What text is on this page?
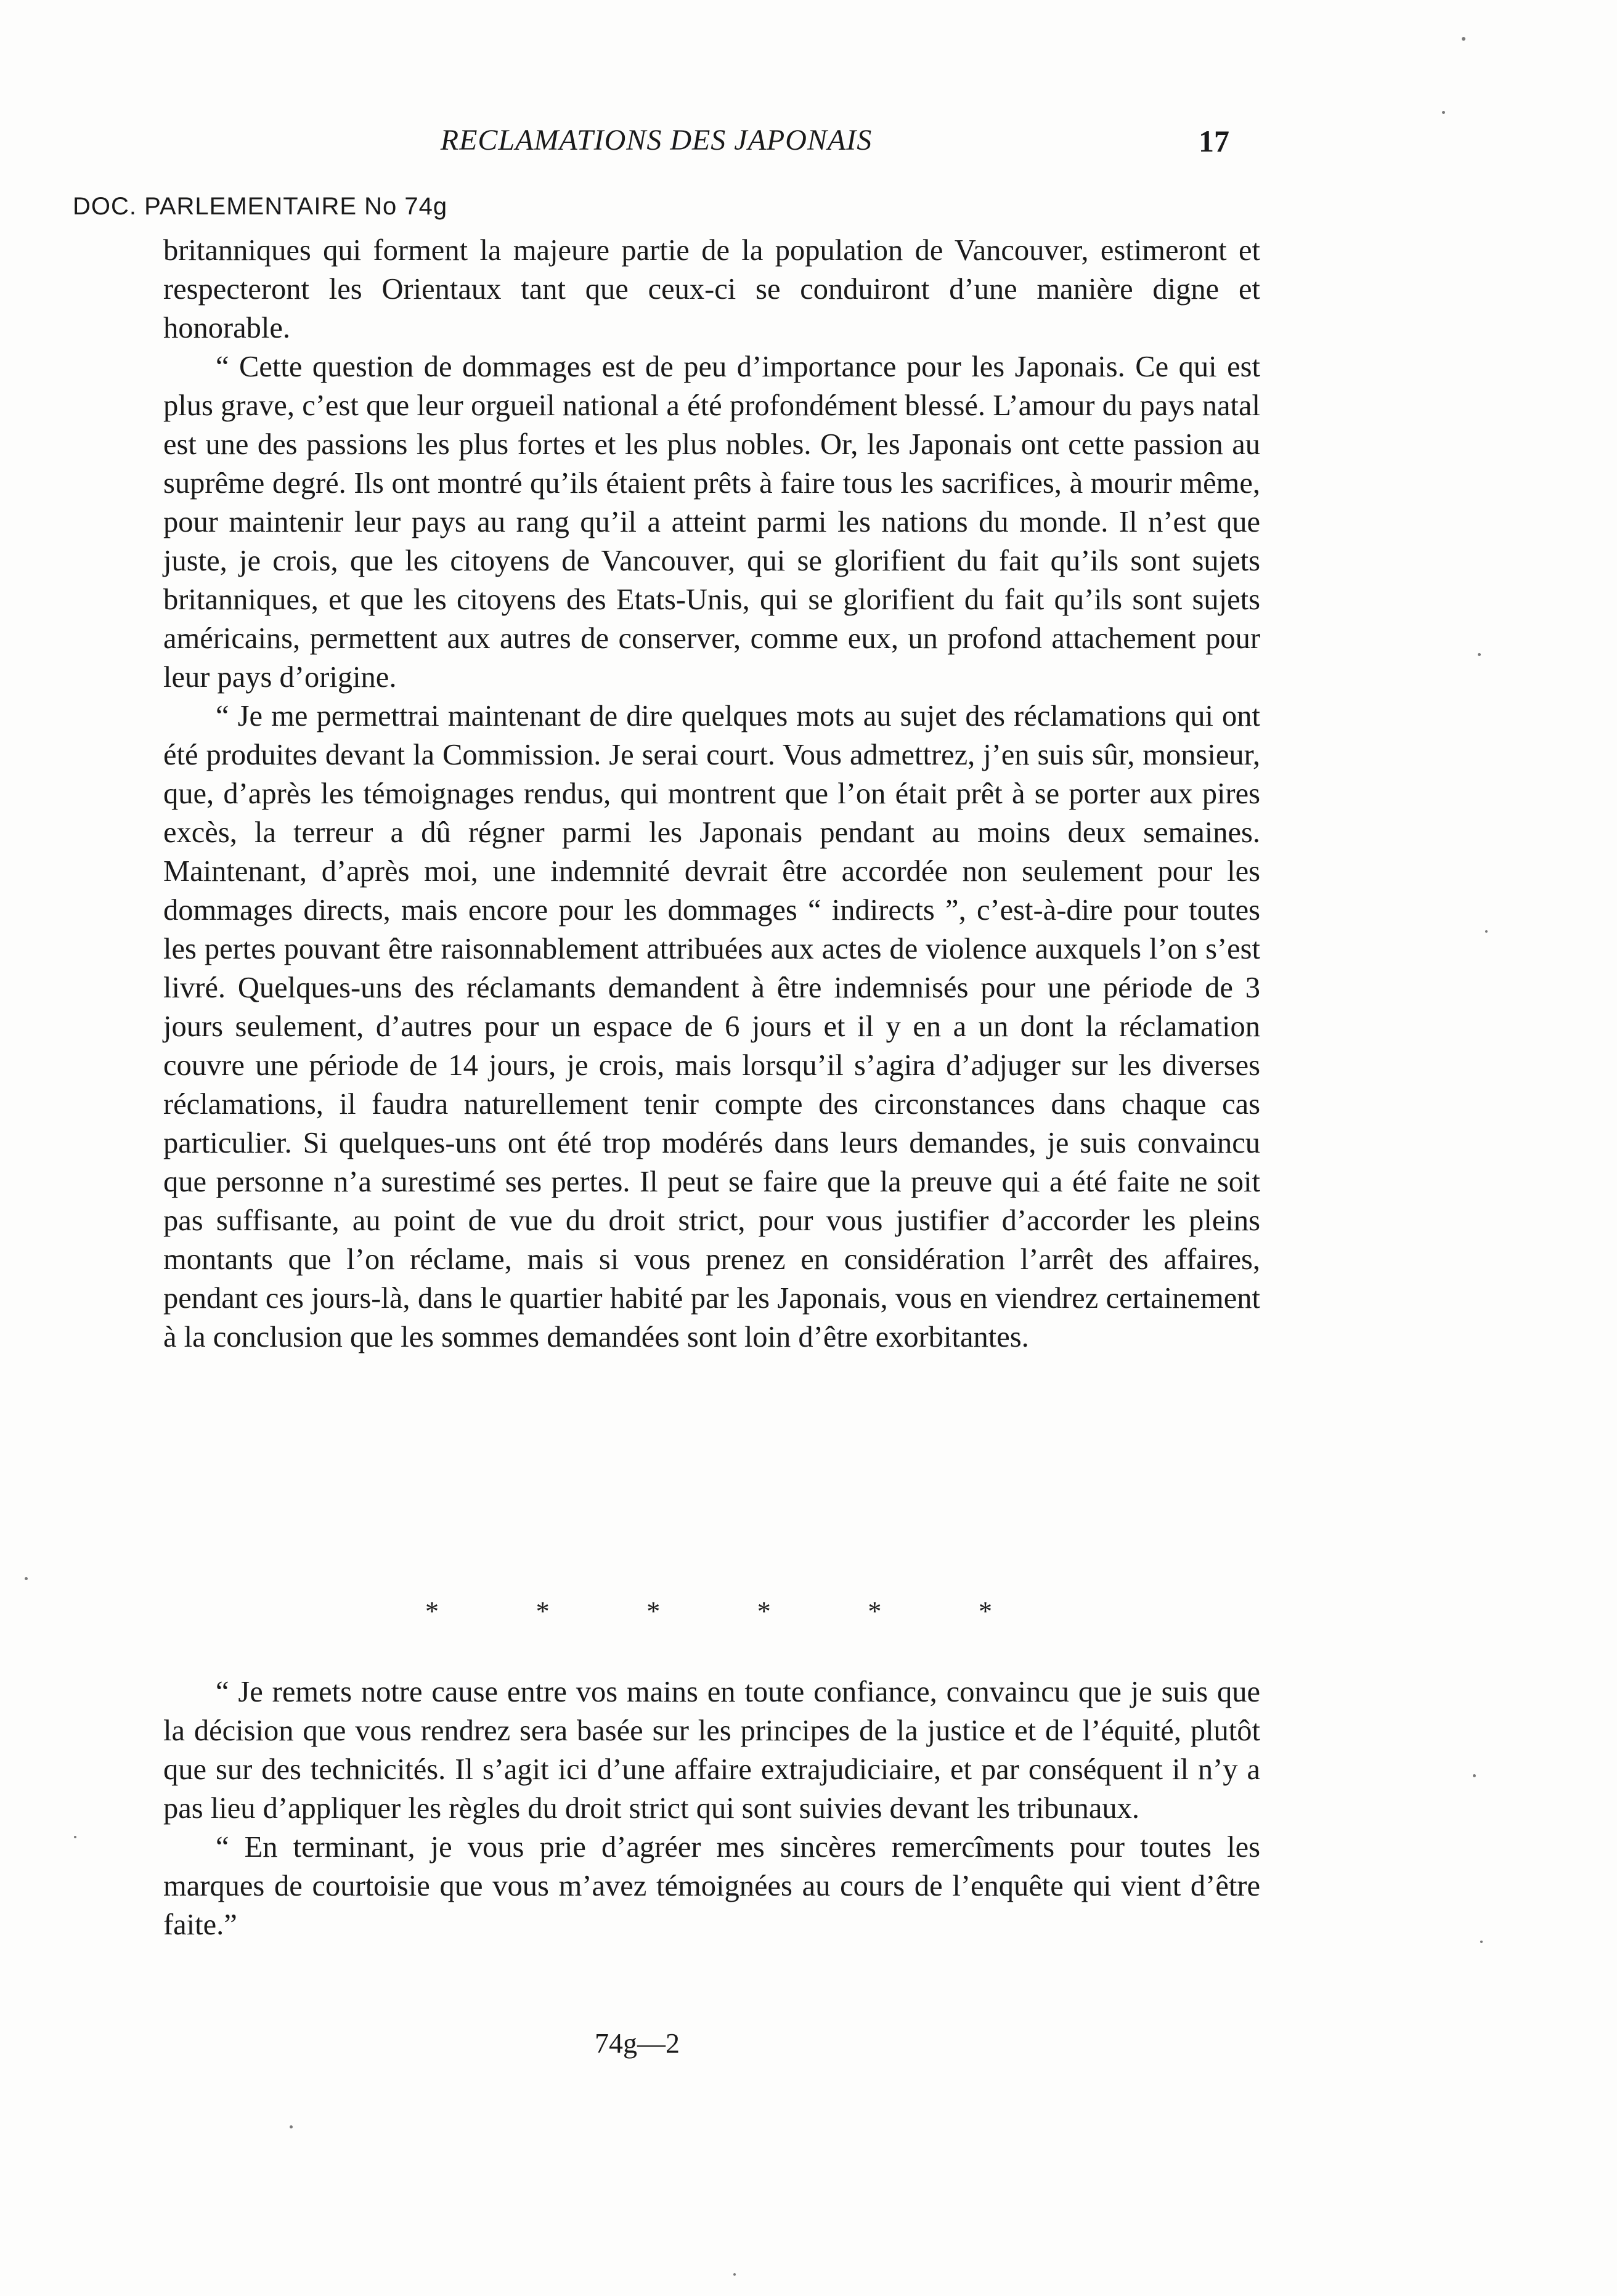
RECLAMATIONS DES JAPONAIS	17
DOC. PARLEMENTAIRE No 74g

britanniques qui forment la majeure partie de la population de Vancouver, estimeront et respecteront les Orientaux tant que ceux-ci se conduiront d’une manière digne et honorable.

“ Cette question de dommages est de peu d’importance pour les Japonais. Ce qui est plus grave, c’est que leur orgueil national a été profondément blessé. L’amour du pays natal est une des passions les plus fortes et les plus nobles. Or, les Japonais ont cette passion au suprême degré. Ils ont montré qu’ils étaient prêts à faire tous les sacrifices, à mourir même, pour maintenir leur pays au rang qu’il a atteint parmi les nations du monde. Il n’est que juste, je crois, que les citoyens de Vancouver, qui se glorifient du fait qu’ils sont sujets britanniques, et que les citoyens des Etats-Unis, qui se glorifient du fait qu’ils sont sujets américains, permettent aux autres de conserver, comme eux, un profond attachement pour leur pays d’origine.

“ Je me permettrai maintenant de dire quelques mots au sujet des réclamations qui ont été produites devant la Commission. Je serai court. Vous admettrez, j’en suis sûr, monsieur, que, d’après les témoignages rendus, qui montrent que l’on était prêt à se porter aux pires excès, la terreur a dû régner parmi les Japonais pendant au moins deux semaines. Maintenant, d’après moi, une indemnité devrait être accordée non seulement pour les dommages directs, mais encore pour les dommages “ indirects ”, c’est-à-dire pour toutes les pertes pouvant être raisonnablement attribuées aux actes de violence auxquels l’on s’est livré. Quelques-uns des réclamants demandent à être indemnisés pour une période de 3 jours seulement, d’autres pour un espace de 6 jours et il y en a un dont la réclamation couvre une période de 14 jours, je crois, mais lorsqu’il s’agira d’adjuger sur les diverses réclamations, il faudra naturellement tenir compte des circonstances dans chaque cas particulier. Si quelques-uns ont été trop modérés dans leurs demandes, je suis convaincu que personne n’a surestimé ses pertes. Il peut se faire que la preuve qui a été faite ne soit pas suffisante, au point de vue du droit strict, pour vous justifier d’accorder les pleins montants que l’on réclame, mais si vous prenez en considération l’arrêt des affaires, pendant ces jours-là, dans le quartier habité par les Japonais, vous en viendrez certainement à la conclusion que les sommes demandées sont loin d’être exorbitantes.

*	*	*	*	*	*

“ Je remets notre cause entre vos mains en toute confiance, convaincu que je suis que la décision que vous rendrez sera basée sur les principes de la justice et de l’équité, plutôt que sur des technicités. Il s’agit ici d’une affaire extrajudiciaire, et par conséquent il n’y a pas lieu d’appliquer les règles du droit strict qui sont suivies devant les tribunaux.

“ En terminant, je vous prie d’agréer mes sincères remercîments pour toutes les marques de courtoisie que vous m’avez témoignées au cours de l’enquête qui vient d’être faite.”

74g—2
